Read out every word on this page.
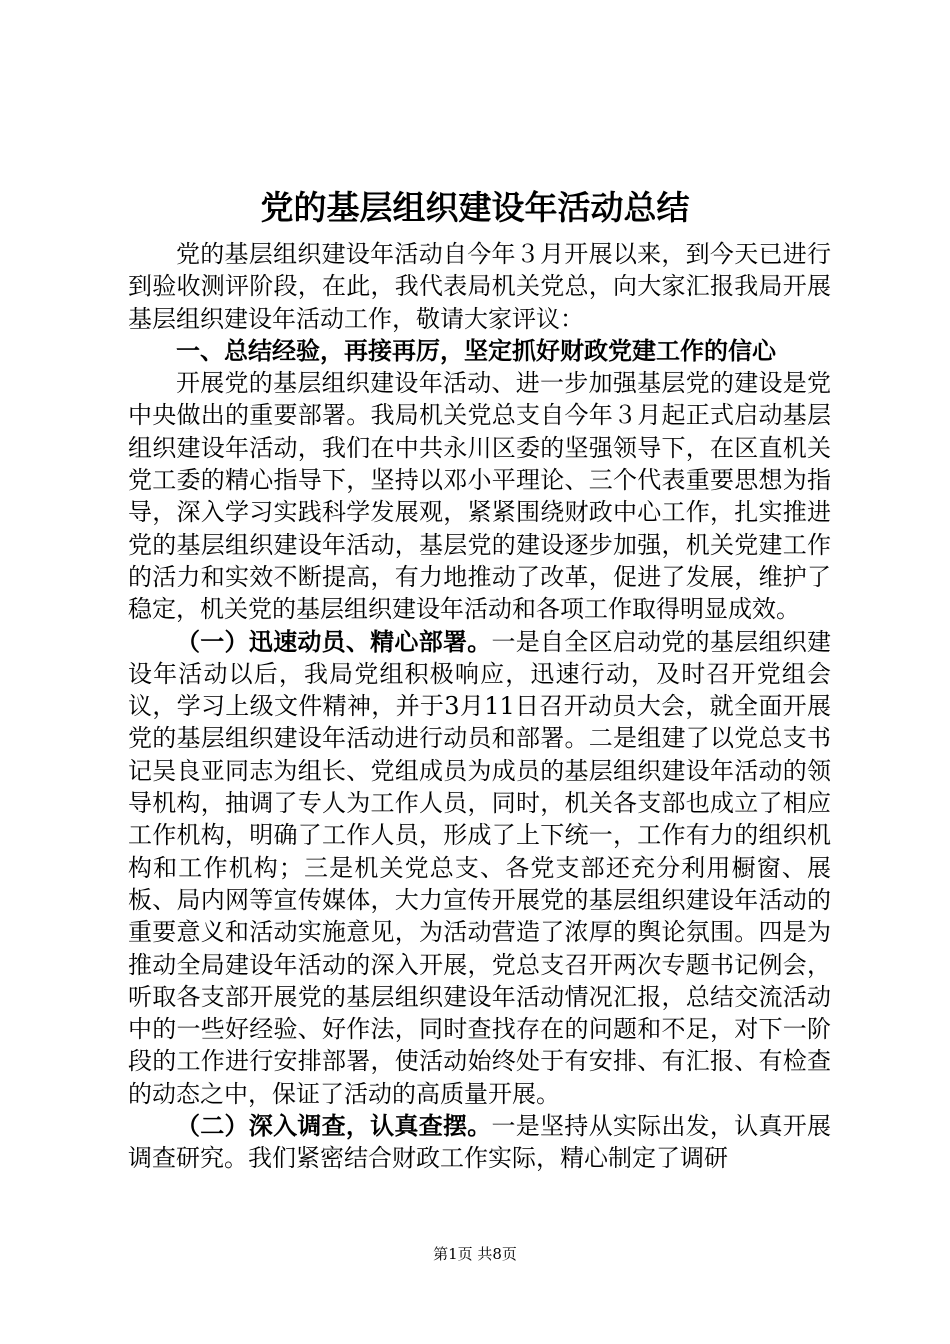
党的基层组织建设年活动总结

党的基层组织建设年活动自今年３月开展以来，到今天已进行到验收测评阶段，在此，我代表局机关党总，向大家汇报我局开展基层组织建设年活动工作，敬请大家评议：

一、总结经验，再接再厉，坚定抓好财政党建工作的信心

开展党的基层组织建设年活动、进一步加强基层党的建设是党中央做出的重要部署。我局机关党总支自今年３月起正式启动基层组织建设年活动，我们在中共永川区委的坚强领导下，在区直机关党工委的精心指导下，坚持以邓小平理论、三个代表重要思想为指导，深入学习实践科学发展观，紧紧围绕财政中心工作，扎实推进党的基层组织建设年活动，基层党的建设逐步加强，机关党建工作的活力和实效不断提高，有力地推动了改革，促进了发展，维护了稳定，机关党的基层组织建设年活动和各项工作取得明显成效。

（一）迅速动员、精心部署。一是自全区启动党的基层组织建设年活动以后，我局党组积极响应，迅速行动，及时召开党组会议，学习上级文件精神，并于3月11日召开动员大会，就全面开展党的基层组织建设年活动进行动员和部署。二是组建了以党总支书记吴良亚同志为组长、党组成员为成员的基层组织建设年活动的领导机构，抽调了专人为工作人员，同时，机关各支部也成立了相应工作机构，明确了工作人员，形成了上下统一，工作有力的组织机构和工作机构；三是机关党总支、各党支部还充分利用橱窗、展板、局内网等宣传媒体，大力宣传开展党的基层组织建设年活动的重要意义和活动实施意见，为活动营造了浓厚的舆论氛围。四是为推动全局建设年活动的深入开展，党总支召开两次专题书记例会，听取各支部开展党的基层组织建设年活动情况汇报，总结交流活动中的一些好经验、好作法，同时查找存在的问题和不足，对下一阶段的工作进行安排部署，使活动始终处于有安排、有汇报、有检查的动态之中，保证了活动的高质量开展。

（二）深入调查，认真查摆。一是坚持从实际出发，认真开展调查研究。我们紧密结合财政工作实际，精心制定了调研

第1页 共8页
